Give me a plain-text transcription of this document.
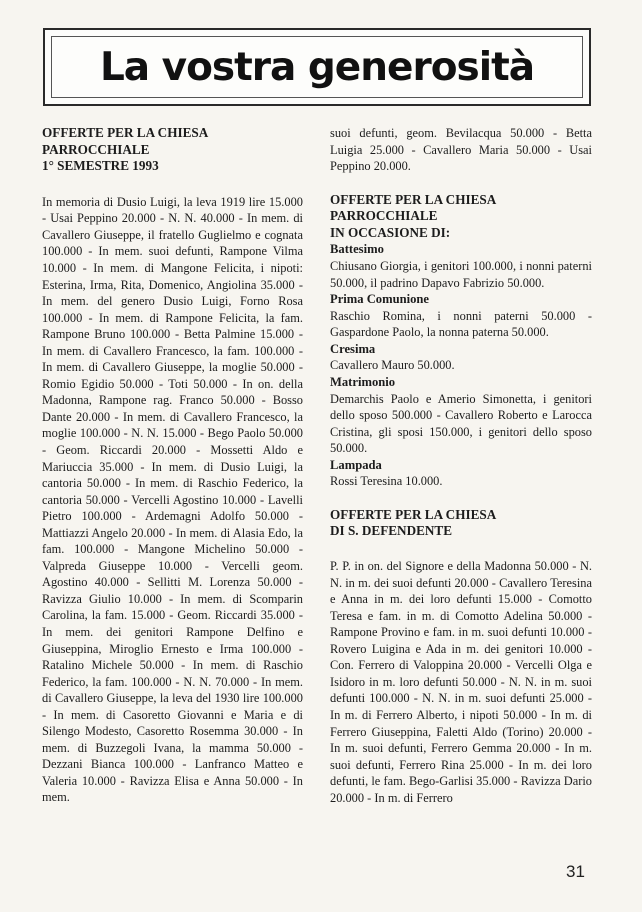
La vostra generosità

OFFERTE PER LA CHIESA

PARROCCHIALE

1° SEMESTRE 1993

In memoria di Dusio Luigi, la leva 1919 lire 15.000 - Usai Peppino 20.000 - N. N. 40.000 - In mem. di Cavallero Giuseppe, il fratello Guglielmo e cognata 100.000 - In mem. suoi defunti, Rampone Vilma 10.000 - In mem. di Mangone Felicita, i nipoti: Esterina, Irma, Rita, Domenico, Angiolina 35.000 - In mem. del genero Dusio Luigi, Forno Rosa 100.000 - In mem. di Rampone Felicita, la fam. Rampone Bruno 100.000 - Betta Palmine 15.000 - In mem. di Cavallero Francesco, la fam. 100.000 - In mem. di Cavallero Giuseppe, la moglie 50.000 - Romio Egidio 50.000 - Toti 50.000 - In on. della Madonna, Rampone rag. Franco 50.000 - Bosso Dante 20.000 - In mem. di Cavallero Francesco, la moglie 100.000 - N. N. 15.000 - Bego Paolo 50.000 - Geom. Riccardi 20.000 - Mossetti Aldo e Mariuccia 35.000 - In mem. di Dusio Luigi, la cantoria 50.000 - In mem. di Raschio Federico, la cantoria 50.000 - Vercelli Agostino 10.000 - Lavelli Pietro 100.000 - Ardemagni Adolfo 50.000 - Mattiazzi Angelo 20.000 - In mem. di Alasia Edo, la fam. 100.000 - Mangone Michelino 50.000 - Valpreda Giuseppe 10.000 - Vercelli geom. Agostino 40.000 - Sellitti M. Lorenza 50.000 - Ravizza Giulio 10.000 - In mem. di Scomparin Carolina, la fam. 15.000 - Geom. Riccardi 35.000 - In mem. dei genitori Rampone Delfino e Giuseppina, Miroglio Ernesto e Irma 100.000 - Ratalino Michele 50.000 - In mem. di Raschio Federico, la fam. 100.000 - N. N. 70.000 - In mem. di Cavallero Giuseppe, la leva del 1930 lire 100.000 - In mem. di Casoretto Giovanni e Maria e di Silengo Modesto, Casoretto Rosemma 30.000 - In mem. di Buzzegoli Ivana, la mamma 50.000 - Dezzani Bianca 100.000 - Lanfranco Matteo e Valeria 10.000 - Ravizza Elisa e Anna 50.000 - In mem.

suoi defunti, geom. Bevilacqua 50.000 - Betta Luigia 25.000 - Cavallero Maria 50.000 - Usai Peppino 20.000.

OFFERTE PER LA CHIESA

PARROCCHIALE

IN OCCASIONE DI:

Battesimo

Chiusano Giorgia, i genitori 100.000, i nonni paterni 50.000, il padrino Dapavo Fabrizio 50.000.

Prima Comunione

Raschio Romina, i nonni paterni 50.000 - Gaspardone Paolo, la nonna paterna 50.000.

Cresima

Cavallero Mauro 50.000.

Matrimonio

Demarchis Paolo e Amerio Simonetta, i genitori dello sposo 500.000 - Cavallero Roberto e Larocca Cristina, gli sposi 150.000, i genitori dello sposo 50.000.

Lampada

Rossi Teresina 10.000.

OFFERTE PER LA CHIESA

DI S. DEFENDENTE

P. P. in on. del Signore e della Madonna 50.000 - N. N. in m. dei suoi defunti 20.000 - Cavallero Teresina e Anna in m. dei loro defunti 15.000 - Comotto Teresa e fam. in m. di Comotto Adelina 50.000 - Rampone Provino e fam. in m. suoi defunti 10.000 - Rovero Luigina e Ada in m. dei genitori 10.000 - Con. Ferrero di Valoppina 20.000 - Vercelli Olga e Isidoro in m. loro defunti 50.000 - N. N. in m. suoi defunti 100.000 - N. N. in m. suoi defunti 25.000 - In m. di Ferrero Alberto, i nipoti 50.000 - In m. di Ferrero Giuseppina, Faletti Aldo (Torino) 20.000 - In m. suoi defunti, Ferrero Gemma 20.000 - In m. suoi defunti, Ferrero Rina 25.000 - In m. dei loro defunti, le fam. Bego-Garlisi 35.000 - Ravizza Dario 20.000 - In m. di Ferrero

31
